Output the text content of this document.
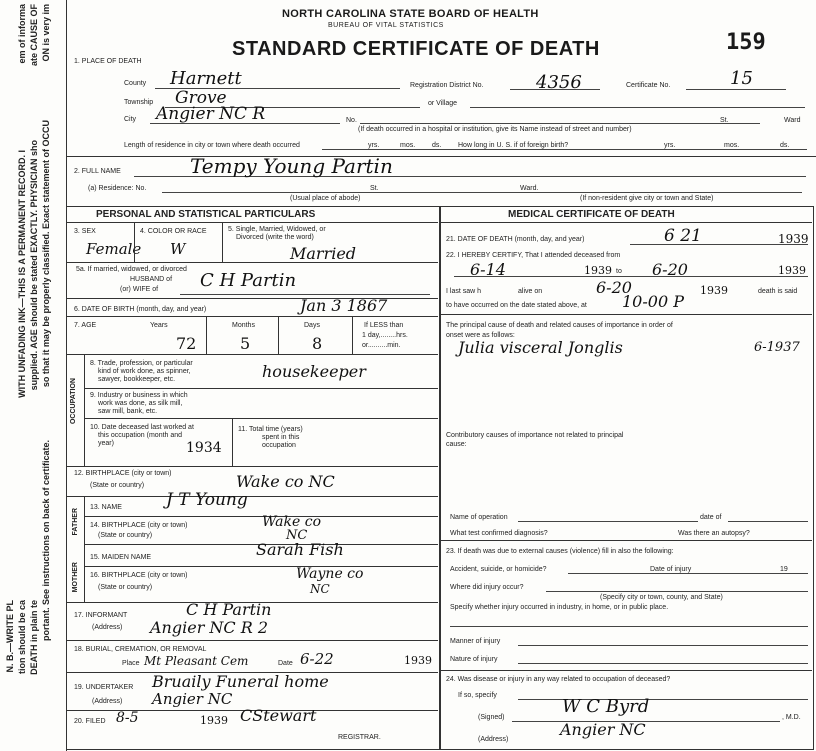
N. B.—WRITE PL tion should be ca DEATH in plain te portant. See instructions on back of certificate.
WITH UNFADING INK—THIS IS A PERMANENT RECORD. I supplied. AGE should be stated EXACTLY. PHYSICIAN sho so that it may be properly classified. Exact statement of OCCU
em of informa ate CAUSE OF ON is very im	NORTH CAROLINA STATE BOARD OF HEALTH
BUREAU OF VITAL STATISTICS
STANDARD CERTIFICATE OF DEATH	159
1. PLACE OF DEATH
County Harnett	Registration District No.	4356	Certificate No.	15
Township Grove	or Village
City Angier NC R	No.	St.	Ward
(If death occurred in a hospital or institution, give its Name instead of street and number)
Length of residence in city or town where death occurred	yrs.	mos. ds. How long in U. S. if of foreign birth?	yrs.	mos.	ds.
2. FULL NAME	Tempy Young Partin
(a) Residence: No.	St.	Ward.
(Usual place of abode)	(If non-resident give city or town and State)
PERSONAL AND STATISTICAL PARTICULARS	MEDICAL CERTIFICATE OF DEATH
3. SEX
Female
4. COLOR OR RACE
W
5. Single, Married, Widowed, or
Divorced (write the word)
Married
5a. If married, widowed, or divorced
HUSBAND of
(or) WIFE of C H Partin
6. DATE OF BIRTH (month, day, and year)	Jan 3 1867
7. AGE	Years	Months	Days	If LESS than
1 day,........hrs.
or..........min.
72	5	8
OCCUPATION
8. Trade, profession, or particular
kind of work done, as spinner,
sawyer, bookkeeper, etc.	housekeeper
9. Industry or business in which
work was done, as silk mill,
saw mill, bank, etc.
10. Date deceased last worked at
this occupation (month and
year)	1934
11. Total time (years)
spent in this
occupation
12. BIRTHPLACE (city or town)
(State or country)	Wake co NC
FATHER
MOTHER
13. NAME	J T Young
14. BIRTHPLACE (city or town)
(State or country)
Wake co
NC
15. MAIDEN NAME	Sarah Fish
16. BIRTHPLACE (city or town)
(State or country)
Wayne co
NC
17. INFORMANT
(Address)
C H Partin
Angier NC R 2
18. BURIAL, CREMATION, OR REMOVAL
Place Mt Pleasant Cem	Date 6-22	1939
19. UNDERTAKER
(Address)
Bruaily Funeral home
Angier NC
20. FILED 8-5	1939 CStewart
REGISTRAR.
21. DATE OF DEATH (month, day, and year)	6 21	1939
22. I HEREBY CERTIFY, That I attended deceased from
6-14	1939 to 6-20	1939
I last saw h	alive on	6-20	1939	death is said
to have occurred on the date stated above, at 10-00 P
The principal cause of death and related causes of importance in order of
onset were as follows:
Julia visceral Jonglis	6-1937
Contributory causes of importance not related to principal
cause:
Name of operation	date of
What test confirmed diagnosis?	Was there an autopsy?
23. If death was due to external causes (violence) fill in also the following:
Accident, suicide, or homicide?	Date of injury	19
Where did injury occur?
(Specify city or town, county, and State)
Specify whether injury occurred in industry, in home, or in public place.
Manner of injury
Nature of injury
24. Was disease or injury in any way related to occupation of deceased?
If so, specify
(Signed)
W C Byrd
, M.D.
(Address)
Angier NC
